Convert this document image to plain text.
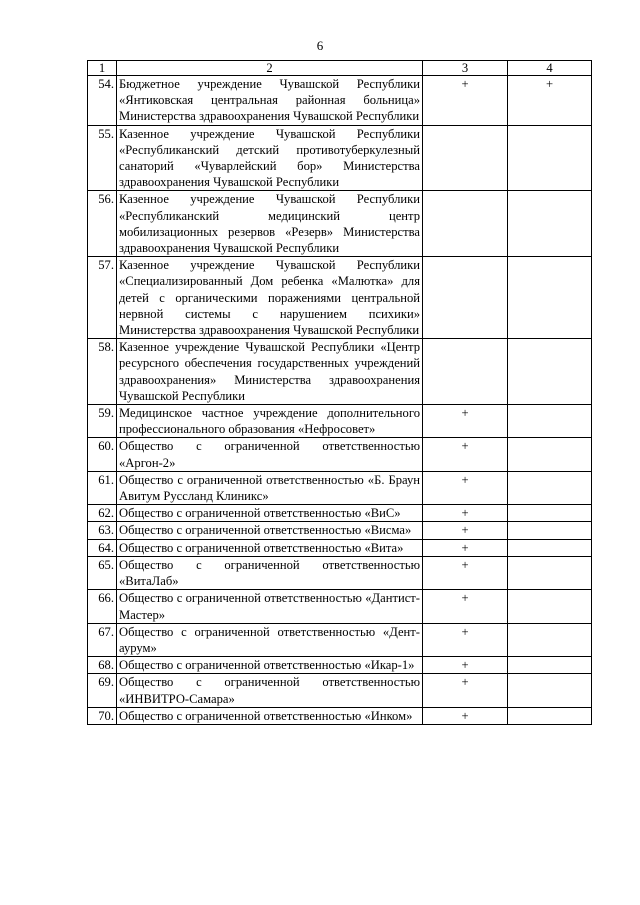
6
1	2	3	4
54.	Бюджетное учреждение Чувашской Республики «Янтиковская центральная районная больница» Министерства здравоохранения Чувашской Республики	+	+
55.	Казенное учреждение Чувашской Республики «Республиканский детский противотуберкулезный санаторий «Чуварлейский бор» Министерства здравоохранения Чувашской Республики		
56.	Казенное учреждение Чувашской Республики «Республиканский медицинский центр мобилизационных резервов «Резерв» Министерства здравоохранения Чувашской Республики		
57.	Казенное учреждение Чувашской Республики «Специализированный Дом ребенка «Малютка» для детей с органическими поражениями центральной нервной системы с нарушением психики» Министерства здравоохранения Чувашской Республики		
58.	Казенное учреждение Чувашской Республики «Центр ресурсного обеспечения государственных учреждений здравоохранения» Министерства здравоохранения Чувашской Республики		
59.	Медицинское частное учреждение дополнительного профессионального образования «Нефросовет»	+	
60.	Общество с ограниченной ответственностью «Аргон-2»	+	
61.	Общество с ограниченной ответственностью «Б. Браун Авитум Руссланд Клиникс»	+	
62.	Общество с ограниченной ответственностью «ВиС»	+	
63.	Общество с ограниченной ответственностью «Висма»	+	
64.	Общество с ограниченной ответственностью «Вита»	+	
65.	Общество с ограниченной ответственностью «ВитаЛаб»	+	
66.	Общество с ограниченной ответственностью «Дантист-Мастер»	+	
67.	Общество с ограниченной ответственностью «Дент-аурум»	+	
68.	Общество с ограниченной ответственностью «Икар-1»	+	
69.	Общество с ограниченной ответственностью «ИНВИТРО-Самара»	+	
70.	Общество с ограниченной ответственностью «Инком»	+	
